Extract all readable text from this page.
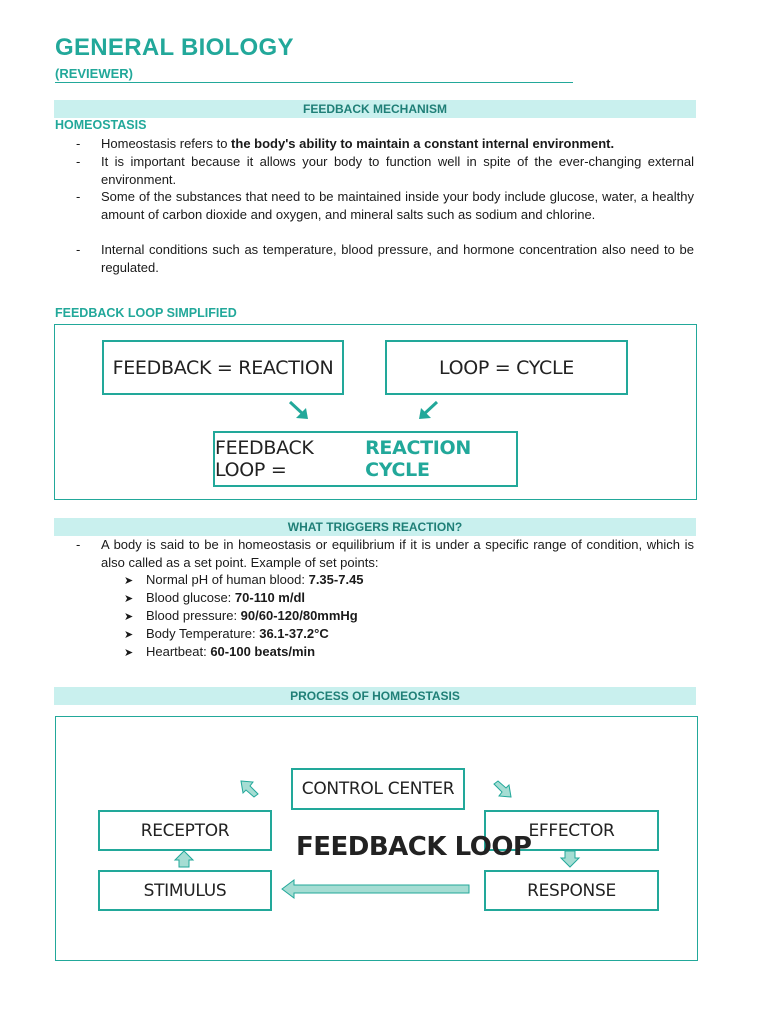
GENERAL BIOLOGY
(REVIEWER)
FEEDBACK MECHANISM
HOMEOSTASIS
- Homeostasis refers to the body's ability to maintain a constant internal environment.
- It is important because it allows your body to function well in spite of the ever-changing external environment.
- Some of the substances that need to be maintained inside your body include glucose, water, a healthy amount of carbon dioxide and oxygen, and mineral salts such as sodium and chlorine.
- Internal conditions such as temperature, blood pressure, and hormone concentration also need to be regulated.
FEEDBACK LOOP SIMPLIFIED
FEEDBACK = REACTION	LOOP = CYCLE
FEEDBACK LOOP =
REACTION CYCLE
WHAT TRIGGERS REACTION?
- A body is said to be in homeostasis or equilibrium if it is under a specific range of condition, which is also called as a set point. Example of set points:
➤ Normal pH of human blood: 7.35-7.45
➤ Blood glucose: 70-110 m/dl
➤ Blood pressure: 90/60-120/80mmHg
➤ Body Temperature: 36.1-37.2°C
➤ Heartbeat: 60-100 beats/min
PROCESS OF HOMEOSTASIS
CONTROL CENTER
RECEPTOR	EFFECTOR
STIMULUS	RESPONSE
FEEDBACK LOOP
